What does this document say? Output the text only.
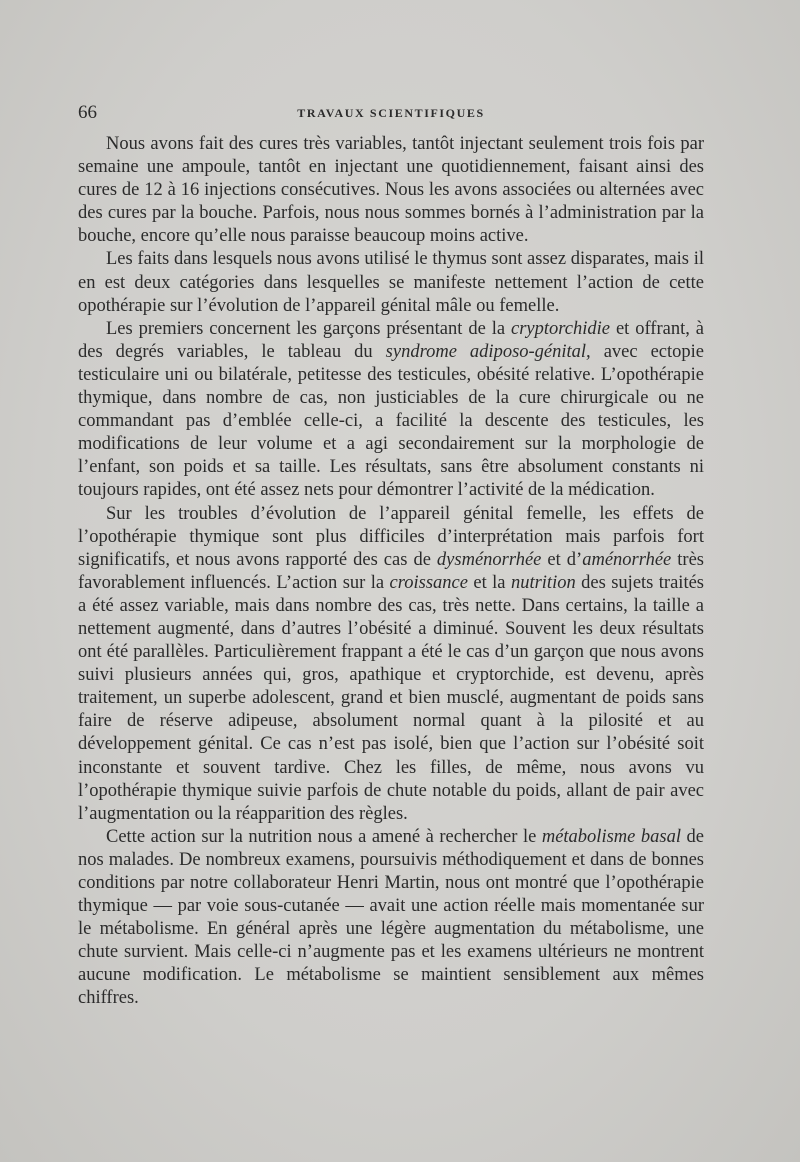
66	TRAVAUX SCIENTIFIQUES

Nous avons fait des cures très variables, tantôt injectant seulement trois fois par semaine une ampoule, tantôt en injectant une quotidiennement, faisant ainsi des cures de 12 à 16 injections consécutives. Nous les avons associées ou alternées avec des cures par la bouche. Parfois, nous nous sommes bornés à l’administration par la bouche, encore qu’elle nous paraisse beaucoup moins active.

Les faits dans lesquels nous avons utilisé le thymus sont assez disparates, mais il en est deux catégories dans lesquelles se manifeste nettement l’action de cette opothérapie sur l’évolution de l’appareil génital mâle ou femelle.

Les premiers concernent les garçons présentant de la cryptorchidie et offrant, à des degrés variables, le tableau du syndrome adiposo-génital, avec ectopie testiculaire uni ou bilatérale, petitesse des testicules, obésité relative. L’opothérapie thymique, dans nombre de cas, non justiciables de la cure chirurgicale ou ne commandant pas d’emblée celle-ci, a facilité la descente des testicules, les modifications de leur volume et a agi secondairement sur la morphologie de l’enfant, son poids et sa taille. Les résultats, sans être absolument constants ni toujours rapides, ont été assez nets pour démontrer l’activité de la médication.

Sur les troubles d’évolution de l’appareil génital femelle, les effets de l’opothérapie thymique sont plus difficiles d’interprétation mais parfois fort significatifs, et nous avons rapporté des cas de dysménorrhée et d’aménorrhée très favorablement influencés. L’action sur la croissance et la nutrition des sujets traités a été assez variable, mais dans nombre des cas, très nette. Dans certains, la taille a nettement augmenté, dans d’autres l’obésité a diminué. Souvent les deux résultats ont été parallèles. Particulièrement frappant a été le cas d’un garçon que nous avons suivi plusieurs années qui, gros, apathique et cryptorchide, est devenu, après traitement, un superbe adolescent, grand et bien musclé, augmentant de poids sans faire de réserve adipeuse, absolument normal quant à la pilosité et au développement génital. Ce cas n’est pas isolé, bien que l’action sur l’obésité soit inconstante et souvent tardive. Chez les filles, de même, nous avons vu l’opothérapie thymique suivie parfois de chute notable du poids, allant de pair avec l’augmentation ou la réapparition des règles.

Cette action sur la nutrition nous a amené à rechercher le métabolisme basal de nos malades. De nombreux examens, poursuivis méthodiquement et dans de bonnes conditions par notre collaborateur Henri Martin, nous ont montré que l’opothérapie thymique — par voie sous-cutanée — avait une action réelle mais momentanée sur le métabolisme. En général après une légère augmentation du métabolisme, une chute survient. Mais celle-ci n’augmente pas et les examens ultérieurs ne montrent aucune modification. Le métabolisme se maintient sensiblement aux mêmes chiffres.
